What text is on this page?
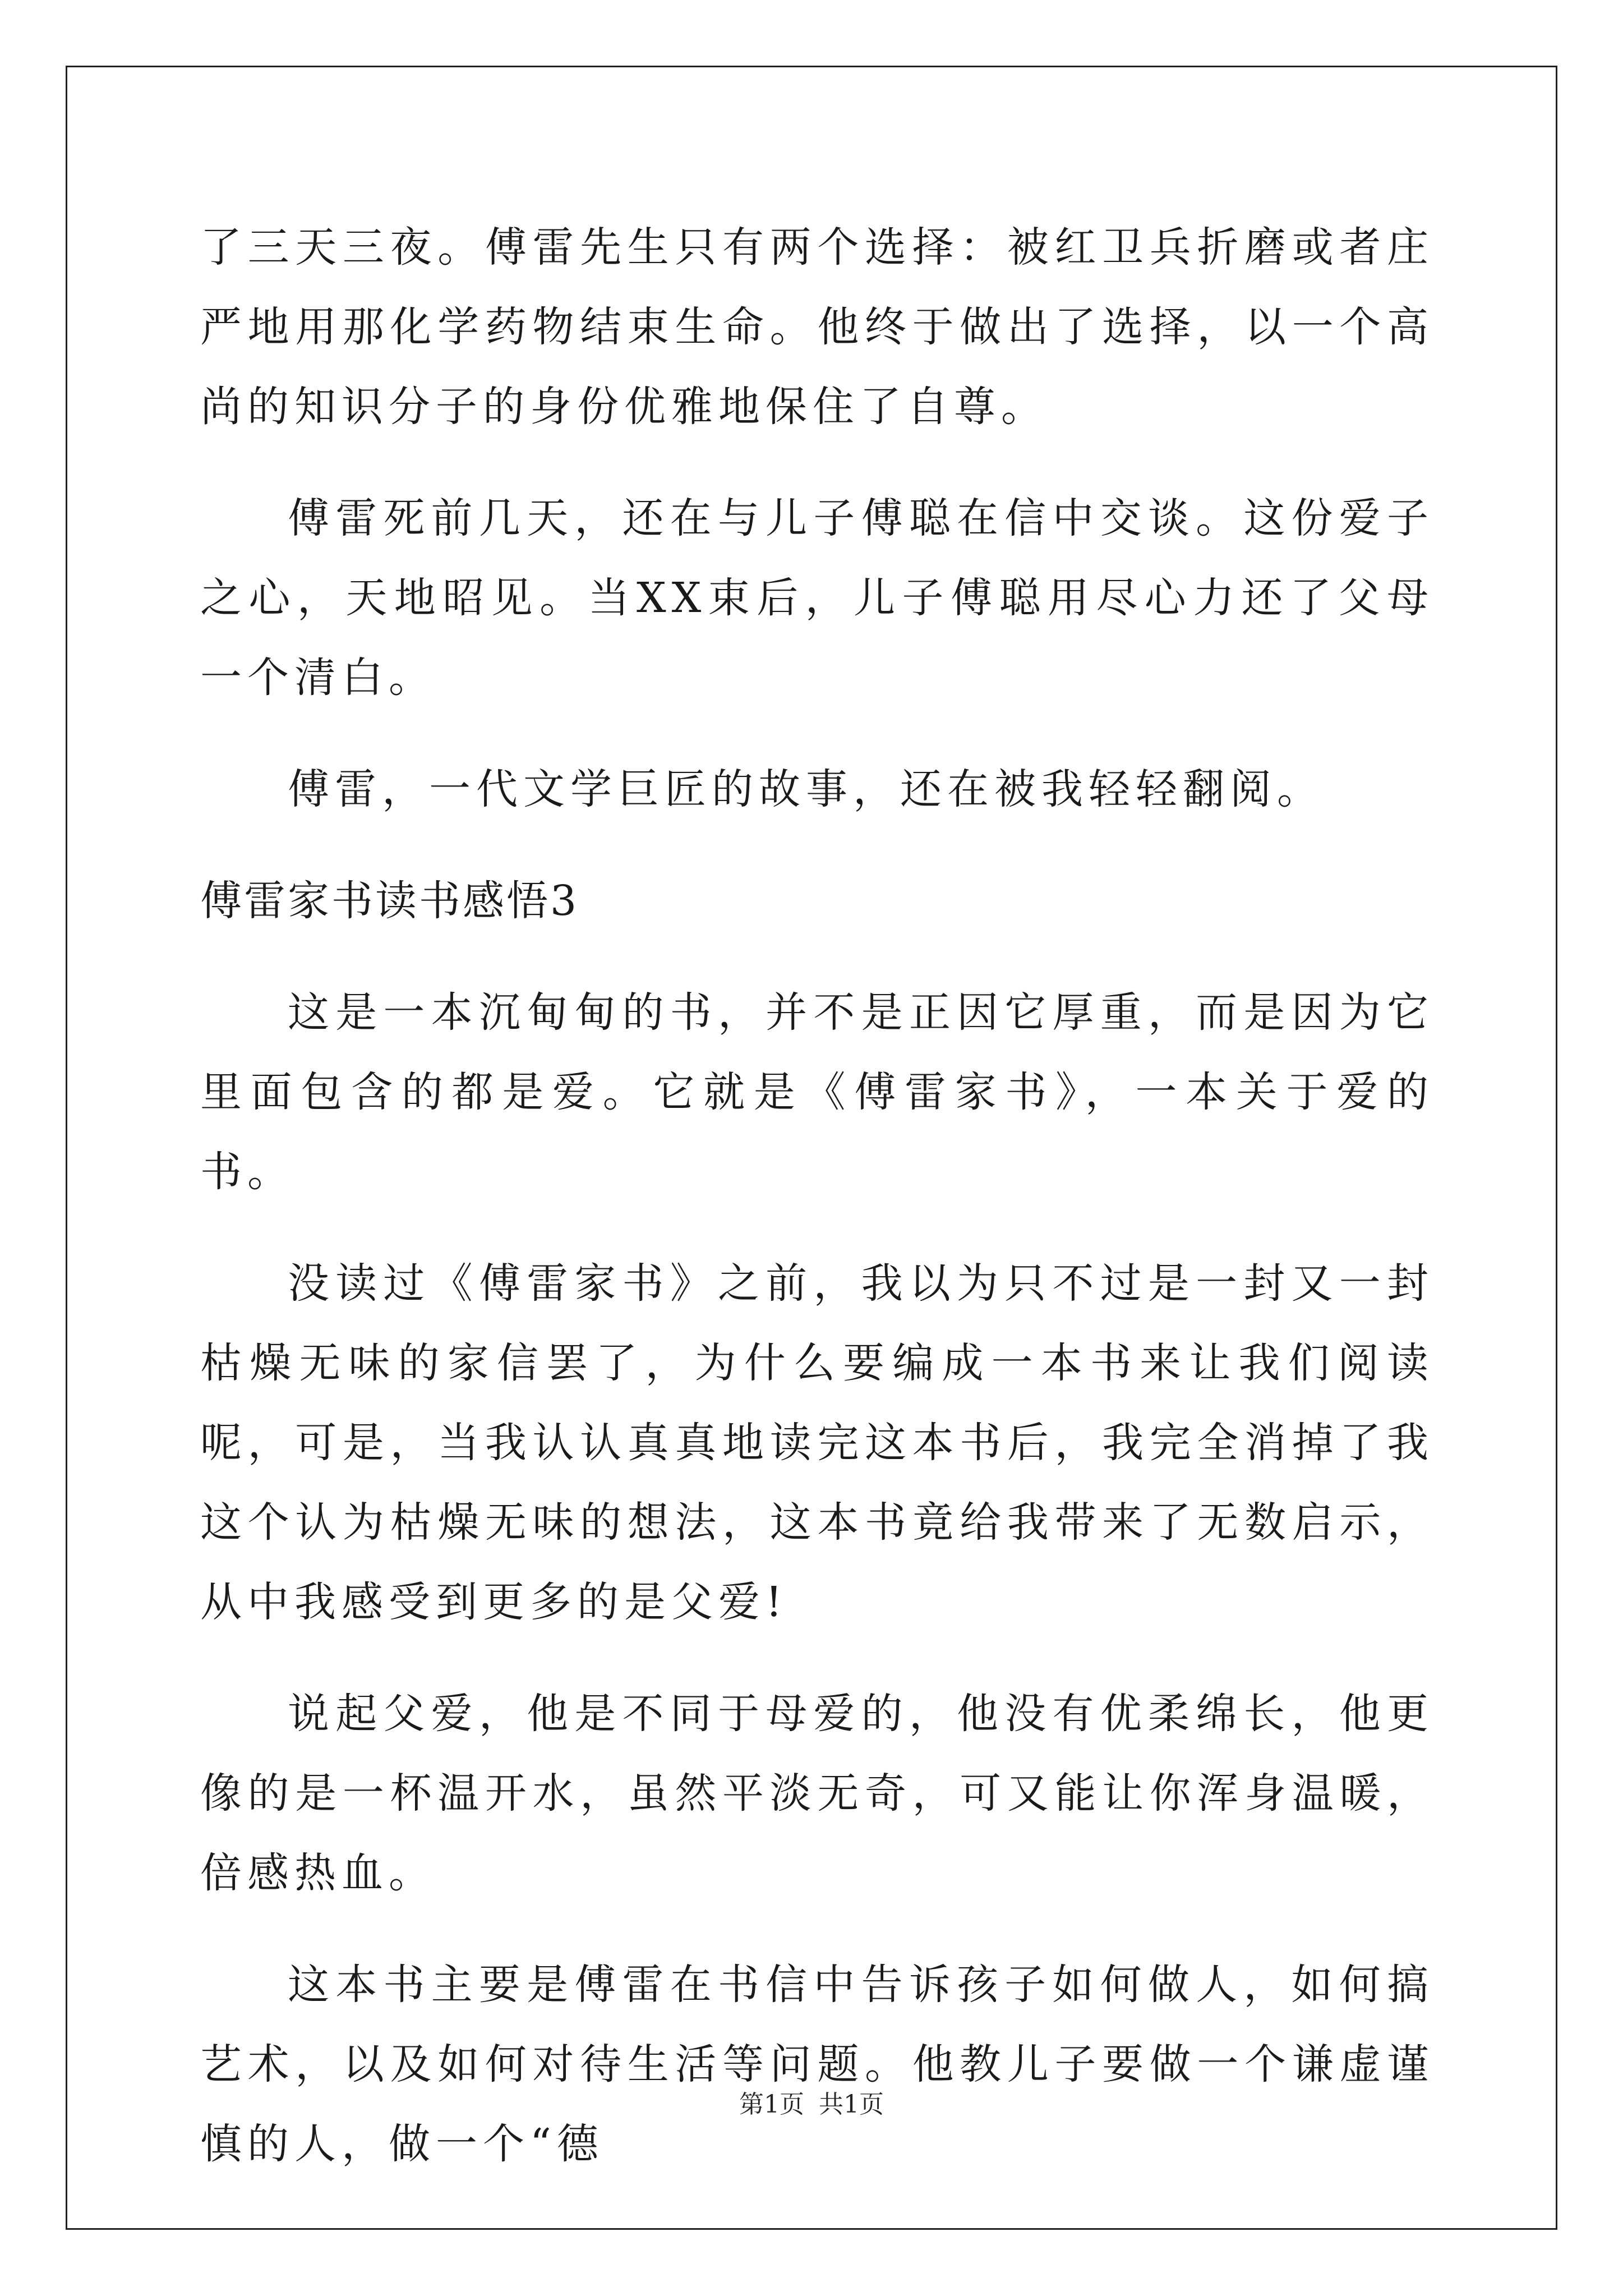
了三天三夜。傅雷先生只有两个选择：被红卫兵折磨或者庄严地用那化学药物结束生命。他终于做出了选择，以一个高尚的知识分子的身份优雅地保住了自尊。

傅雷死前几天，还在与儿子傅聪在信中交谈。这份爱子之心，天地昭见。当XX束后，儿子傅聪用尽心力还了父母一个清白。

傅雷，一代文学巨匠的故事，还在被我轻轻翻阅。

傅雷家书读书感悟3

这是一本沉甸甸的书，并不是正因它厚重，而是因为它里面包含的都是爱。它就是《傅雷家书》，一本关于爱的书。

没读过《傅雷家书》之前，我以为只不过是一封又一封枯燥无味的家信罢了，为什么要编成一本书来让我们阅读呢，可是，当我认认真真地读完这本书后，我完全消掉了我这个认为枯燥无味的想法，这本书竟给我带来了无数启示，从中我感受到更多的是父爱!

说起父爱，他是不同于母爱的，他没有优柔绵长，他更像的是一杯温开水，虽然平淡无奇，可又能让你浑身温暖，倍感热血。

这本书主要是傅雷在书信中告诉孩子如何做人，如何搞艺术，以及如何对待生活等问题。他教儿子要做一个谦虚谨慎的人，做一个“德

第1页 共1页
